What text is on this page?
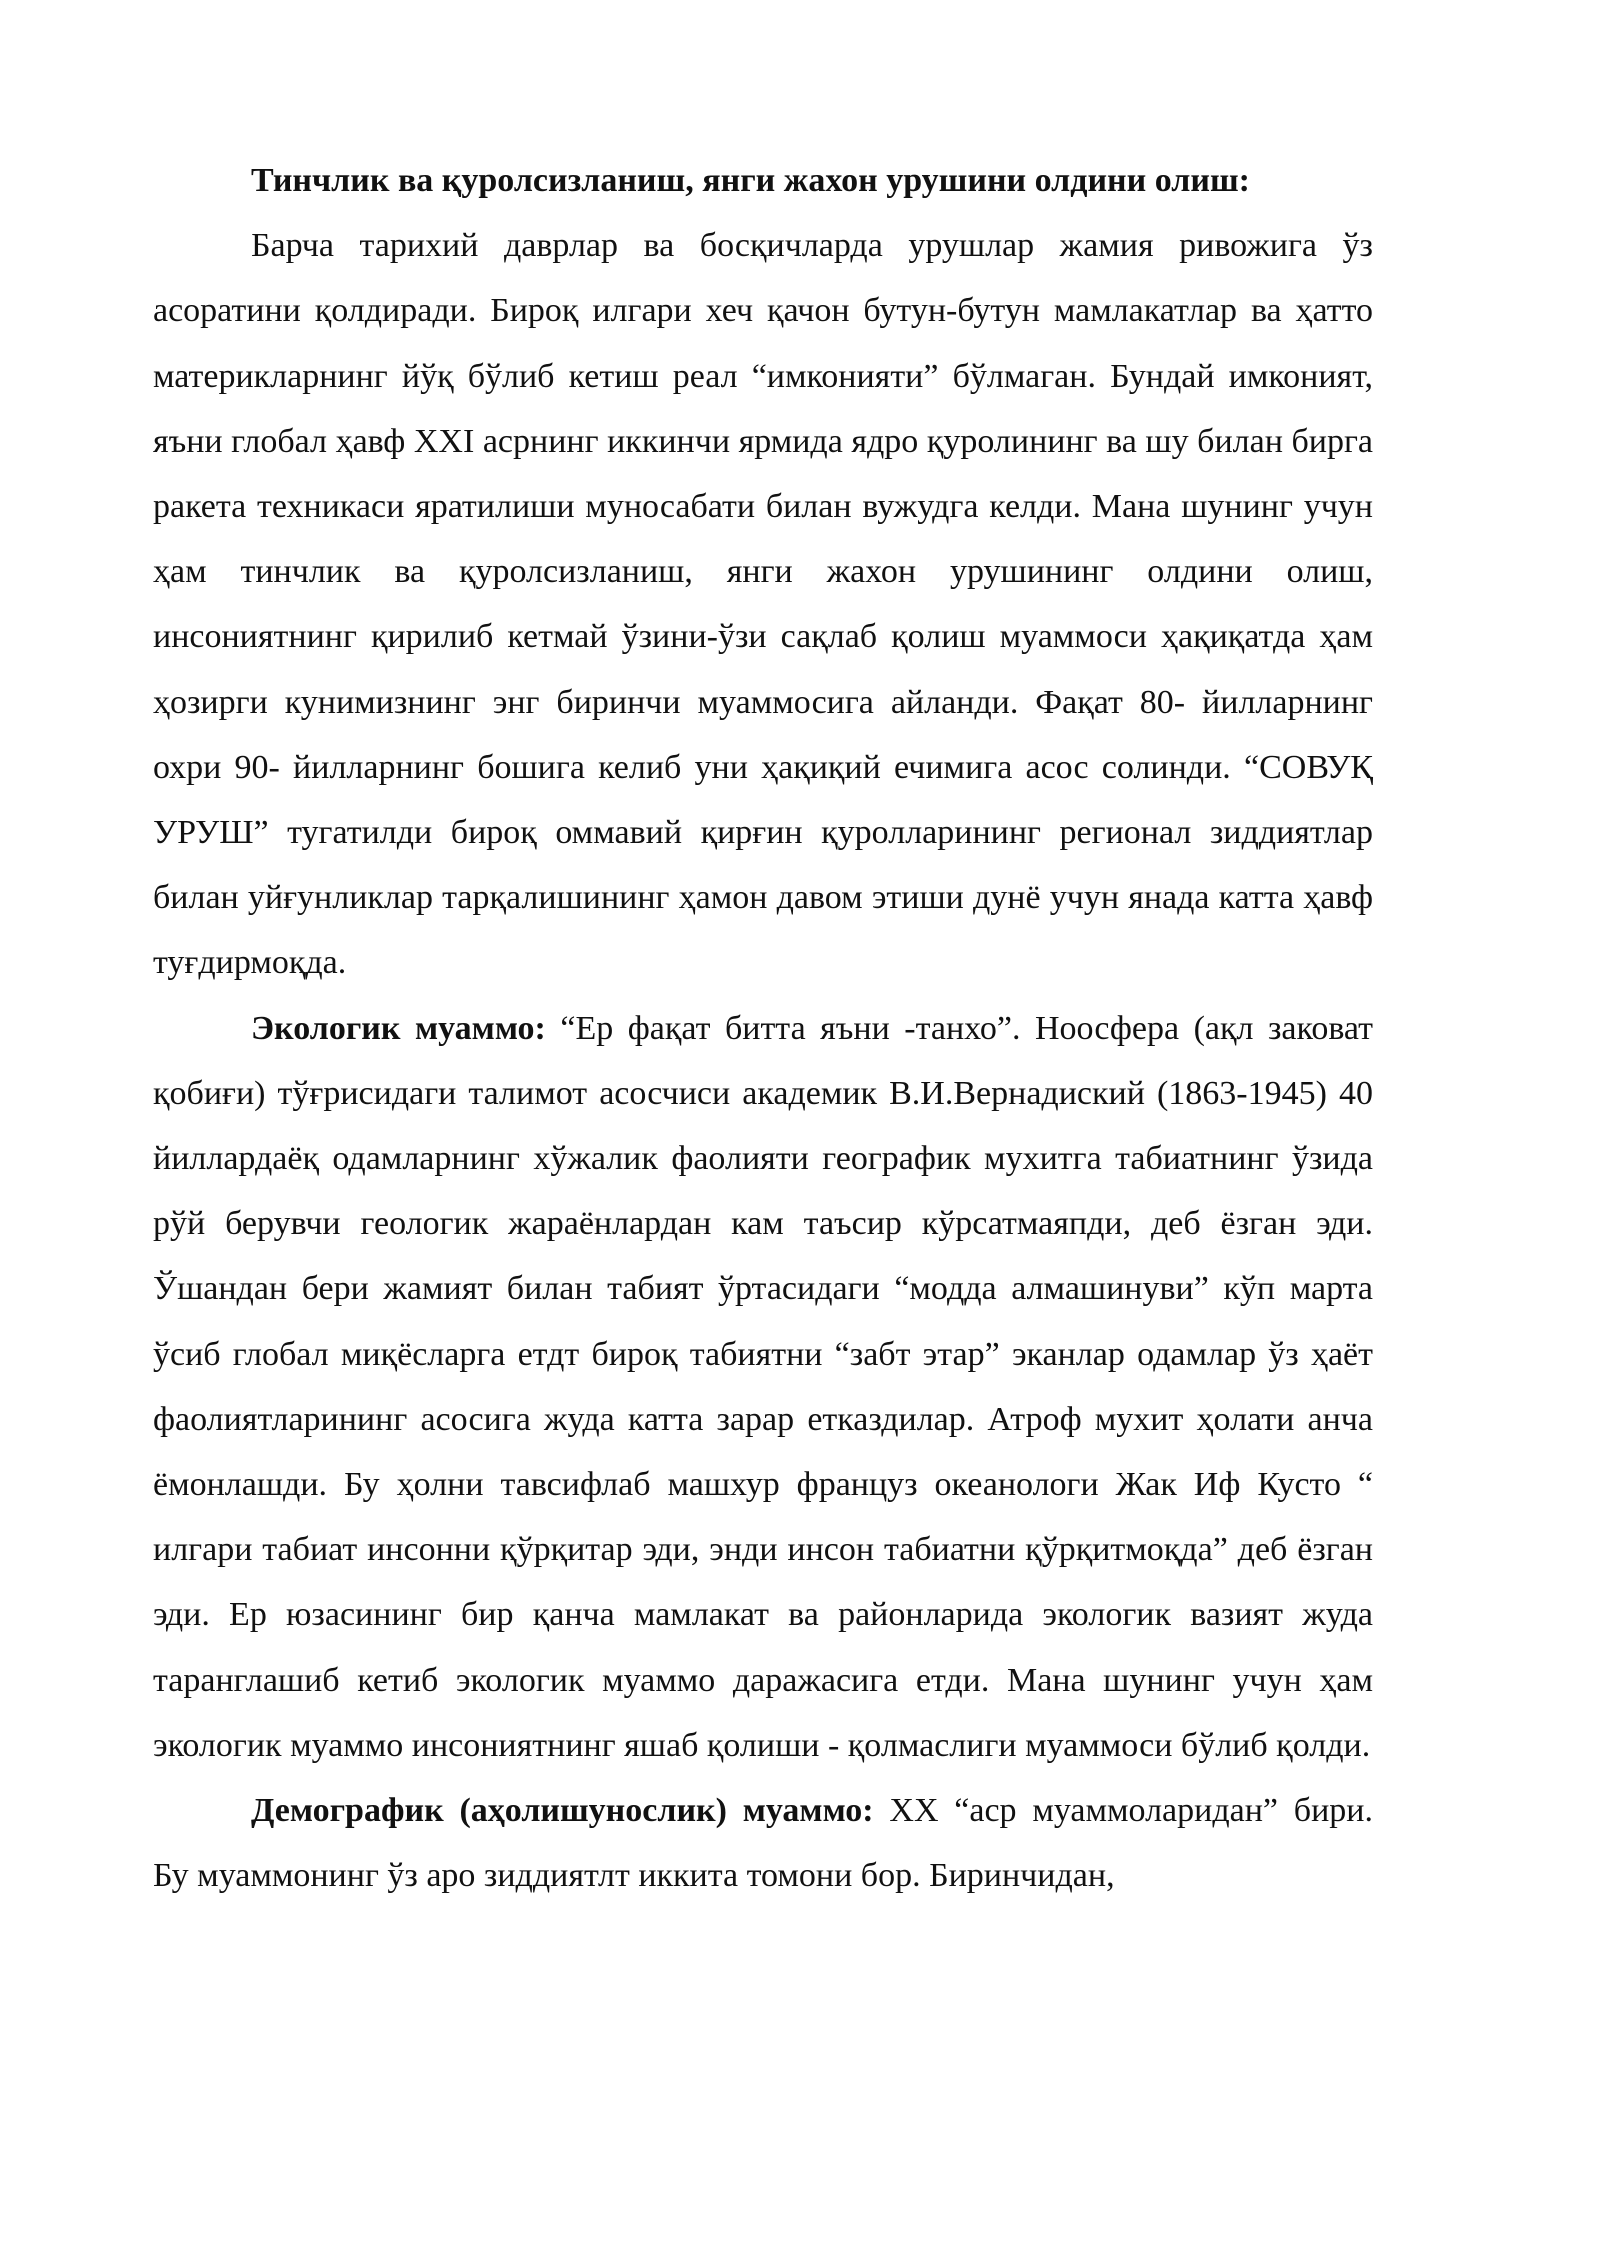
Тинчлик ва қуролсизланиш, янги жахон урушини олдини олиш:

Барча тарихий даврлар ва босқичларда урушлар жамия ривожига ўз асоратини қолдиради. Бироқ илгари хеч қачон бутун-бутун мамлакатлар ва ҳатто материкларнинг йўқ бўлиб кетиш реал “имконияти” бўлмаган. Бундай имконият, яъни глобал ҳавф ХХI асрнинг иккинчи ярмида ядро қуролининг ва шу билан бирга ракета техникаси яратилиши муносабати билан вужудга келди. Мана шунинг учун ҳам тинчлик ва қуролсизланиш, янги жахон урушининг олдини олиш, инсониятнинг қирилиб кетмай ўзини-ўзи сақлаб қолиш муаммоси ҳақиқатда ҳам ҳозирги кунимизнинг энг биринчи муаммосига айланди. Фақат 80- йилларнинг охри 90- йилларнинг бошига келиб уни ҳақиқий ечимига асос солинди. “СОВУҚ УРУШ” тугатилди бироқ оммавий қирғин қуролларининг регионал зиддиятлар билан уйғунликлар тарқалишининг ҳамон давом этиши дунё учун янада катта ҳавф туғдирмоқда.

Экологик муаммо: “Ер фақат битта яъни -танхо”. Ноосфера (ақл заковат қобиғи) тўғрисидаги талимот асосчиси академик В.И.Вернадиский (1863-1945) 40 йиллардаёқ одамларнинг хўжалик фаолияти географик мухитга табиатнинг ўзида рўй берувчи геологик жараёнлардан кам таъсир кўрсатмаяпди, деб ёзган эди. Ўшандан бери жамият билан табият ўртасидаги “модда алмашинуви” кўп марта ўсиб глобал миқёсларга етдт бироқ табиятни “забт этар” эканлар одамлар ўз ҳаёт фаолиятларининг асосига жуда катта зарар етказдилар. Атроф мухит ҳолати анча ёмонлашди. Бу ҳолни тавсифлаб машхур француз океанологи Жак Иф Кусто “ илгари табиат инсонни қўрқитар эди, энди инсон табиатни қўрқитмоқда” деб ёзган эди. Ер юзасининг бир қанча мамлакат ва районларида экологик вазият жуда таранглашиб кетиб экологик муаммо даражасига етди. Мана шунинг учун ҳам экологик муаммо инсониятнинг яшаб қолиши - қолмаслиги муаммоси бўлиб қолди.

Демографик (аҳолишунослик) муаммо: ХХ “аср муаммоларидан” бири. Бу муаммонинг ўз аро зиддиятлт иккита томони бор. Биринчидан,
